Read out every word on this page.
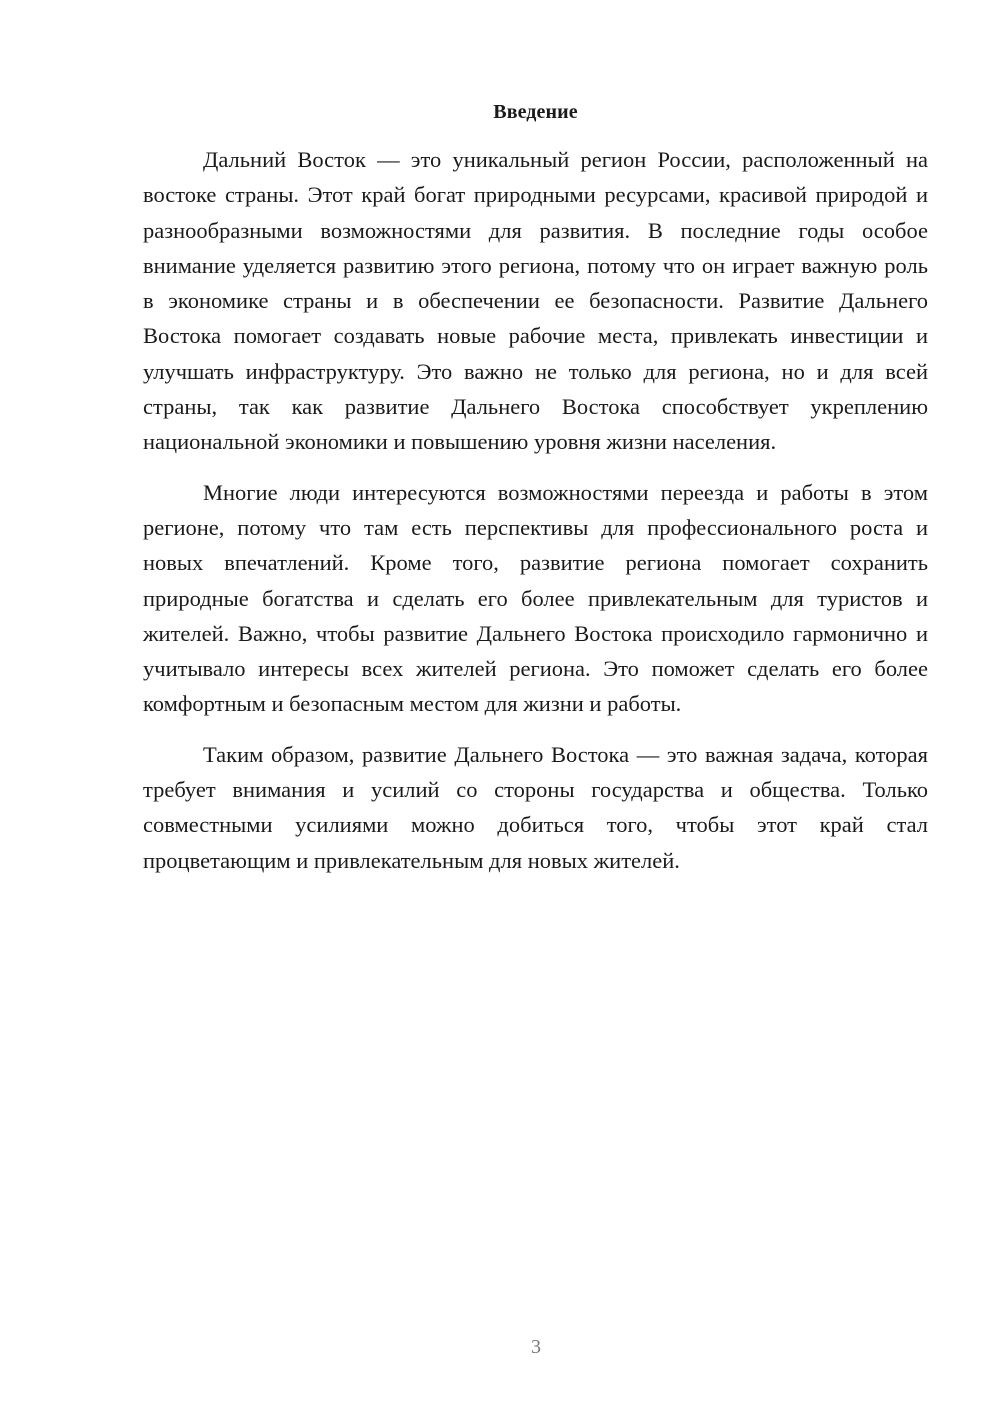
Введение

Дальний Восток — это уникальный регион России, расположенный на востоке страны. Этот край богат природными ресурсами, красивой природой и разнообразными возможностями для развития. В последние годы особое внимание уделяется развитию этого региона, потому что он играет важную роль в экономике страны и в обеспечении ее безопасности. Развитие Дальнего Востока помогает создавать новые рабочие места, привлекать инвестиции и улучшать инфраструктуру. Это важно не только для региона, но и для всей страны, так как развитие Дальнего Востока способствует укреплению национальной экономики и повышению уровня жизни населения.

Многие люди интересуются возможностями переезда и работы в этом регионе, потому что там есть перспективы для профессионального роста и новых впечатлений. Кроме того, развитие региона помогает сохранить природные богатства и сделать его более привлекательным для туристов и жителей. Важно, чтобы развитие Дальнего Востока происходило гармонично и учитывало интересы всех жителей региона. Это поможет сделать его более комфортным и безопасным местом для жизни и работы.

Таким образом, развитие Дальнего Востока — это важная задача, которая требует внимания и усилий со стороны государства и общества. Только совместными усилиями можно добиться того, чтобы этот край стал процветающим и привлекательным для новых жителей.

3
